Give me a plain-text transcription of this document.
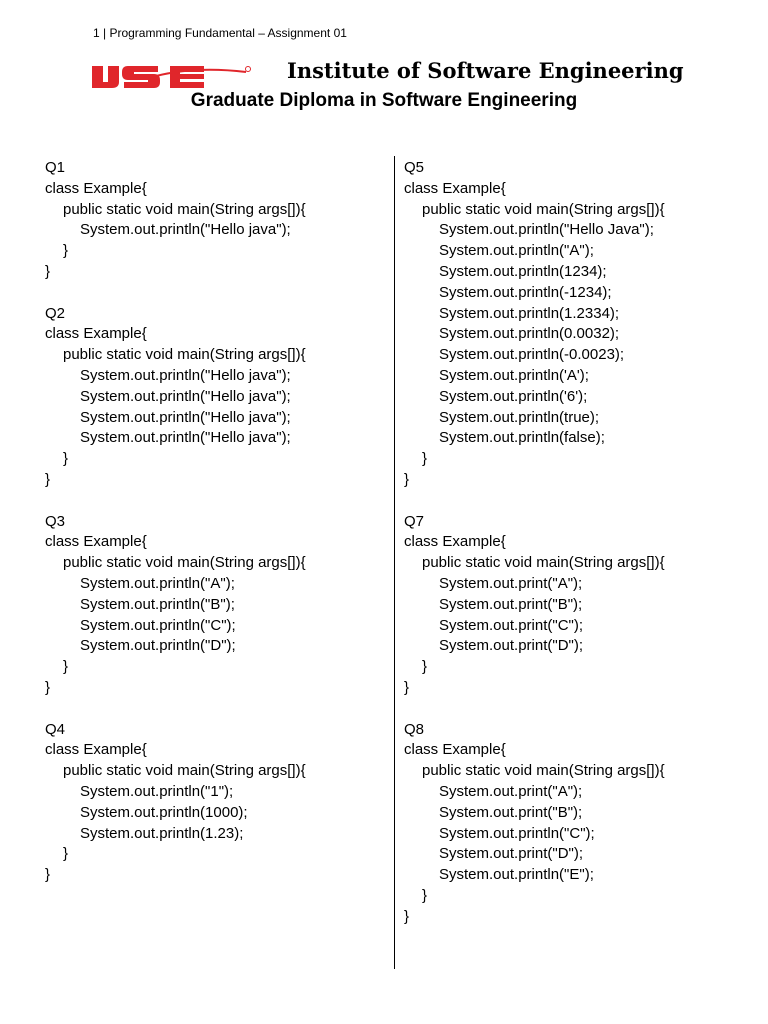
1 | Programming Fundamental – Assignment 01
Institute of Software Engineering
Graduate Diploma in Software Engineering
Q1
class Example{
public static void main(String args[]){
System.out.println("Hello java");
}
}
Q2
class Example{
public static void main(String args[]){
System.out.println("Hello java");
System.out.println("Hello java");
System.out.println("Hello java");
System.out.println("Hello java");
}
}
Q3
class Example{
public static void main(String args[]){
System.out.println("A");
System.out.println("B");
System.out.println("C");
System.out.println("D");
}
}
Q4
class Example{
public static void main(String args[]){
System.out.println("1");
System.out.println(1000);
System.out.println(1.23);
}
}
Q5
class Example{
public static void main(String args[]){
System.out.println("Hello Java");
System.out.println("A");
System.out.println(1234);
System.out.println(-1234);
System.out.println(1.2334);
System.out.println(0.0032);
System.out.println(-0.0023);
System.out.println('A');
System.out.println('6');
System.out.println(true);
System.out.println(false);
}
}
Q7
class Example{
public static void main(String args[]){
System.out.print("A");
System.out.print("B");
System.out.print("C");
System.out.print("D");
}
}
Q8
class Example{
public static void main(String args[]){
System.out.print("A");
System.out.print("B");
System.out.println("C");
System.out.print("D");
System.out.println("E");
}
}
